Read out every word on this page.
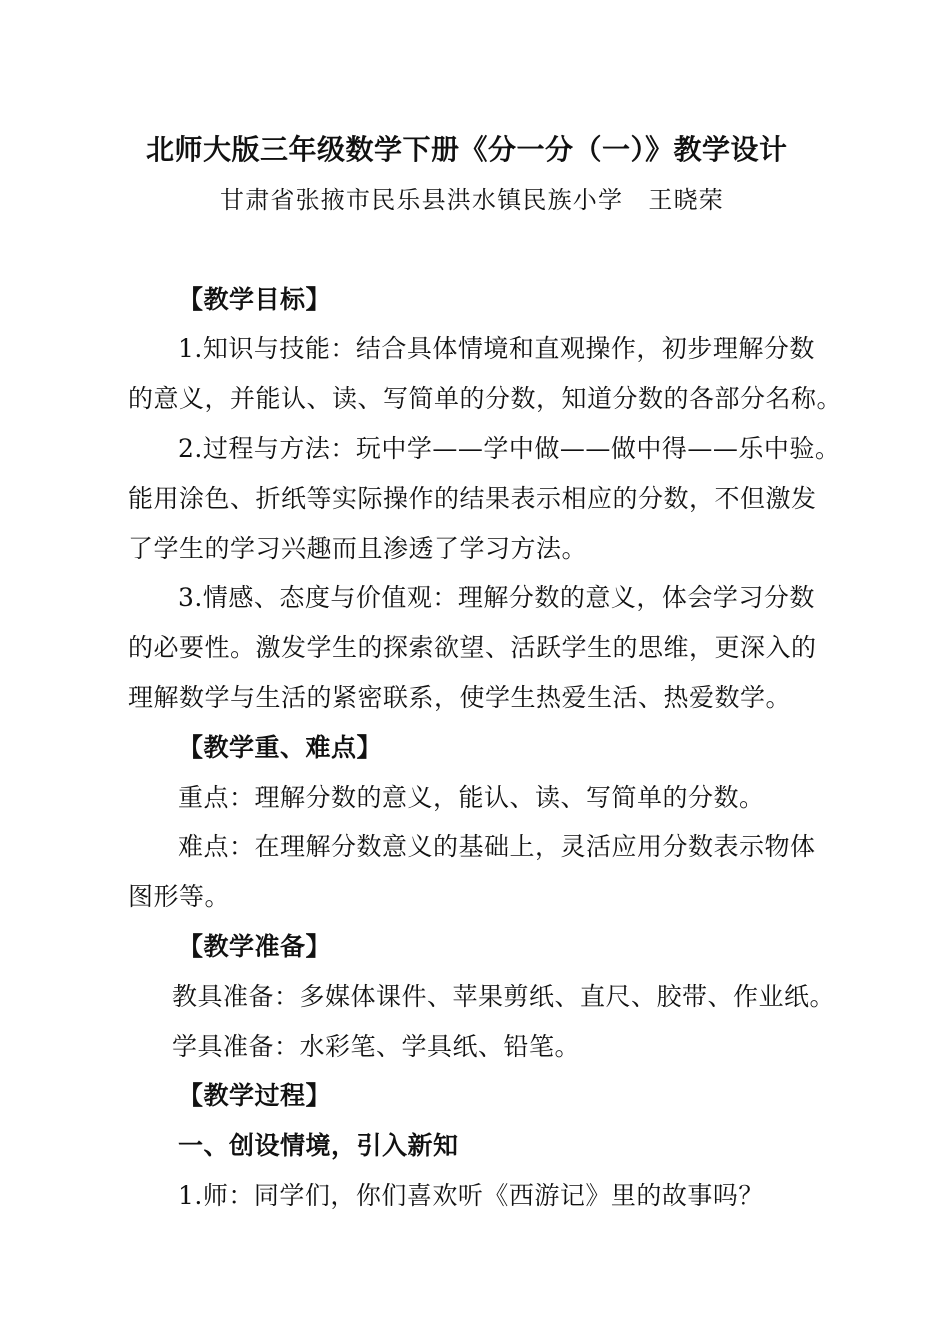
北师大版三年级数学下册《分一分（一）》教学设计
甘肃省张掖市民乐县洪水镇民族小学　王晓荣
【教学目标】
1.知识与技能：结合具体情境和直观操作，初步理解分数
的意义，并能认、读、写简单的分数，知道分数的各部分名称。
2.过程与方法：玩中学——学中做——做中得——乐中验。
能用涂色、折纸等实际操作的结果表示相应的分数，不但激发
了学生的学习兴趣而且渗透了学习方法。
3.情感、态度与价值观：理解分数的意义，体会学习分数
的必要性。激发学生的探索欲望、活跃学生的思维，更深入的
理解数学与生活的紧密联系，使学生热爱生活、热爱数学。
【教学重、难点】
重点：理解分数的意义，能认、读、写简单的分数。
难点：在理解分数意义的基础上，灵活应用分数表示物体
图形等。
【教学准备】
教具准备：多媒体课件、苹果剪纸、直尺、胶带、作业纸。
学具准备：水彩笔、学具纸、铅笔。
【教学过程】
一、创设情境，引入新知
1.师：同学们，你们喜欢听《西游记》里的故事吗？
